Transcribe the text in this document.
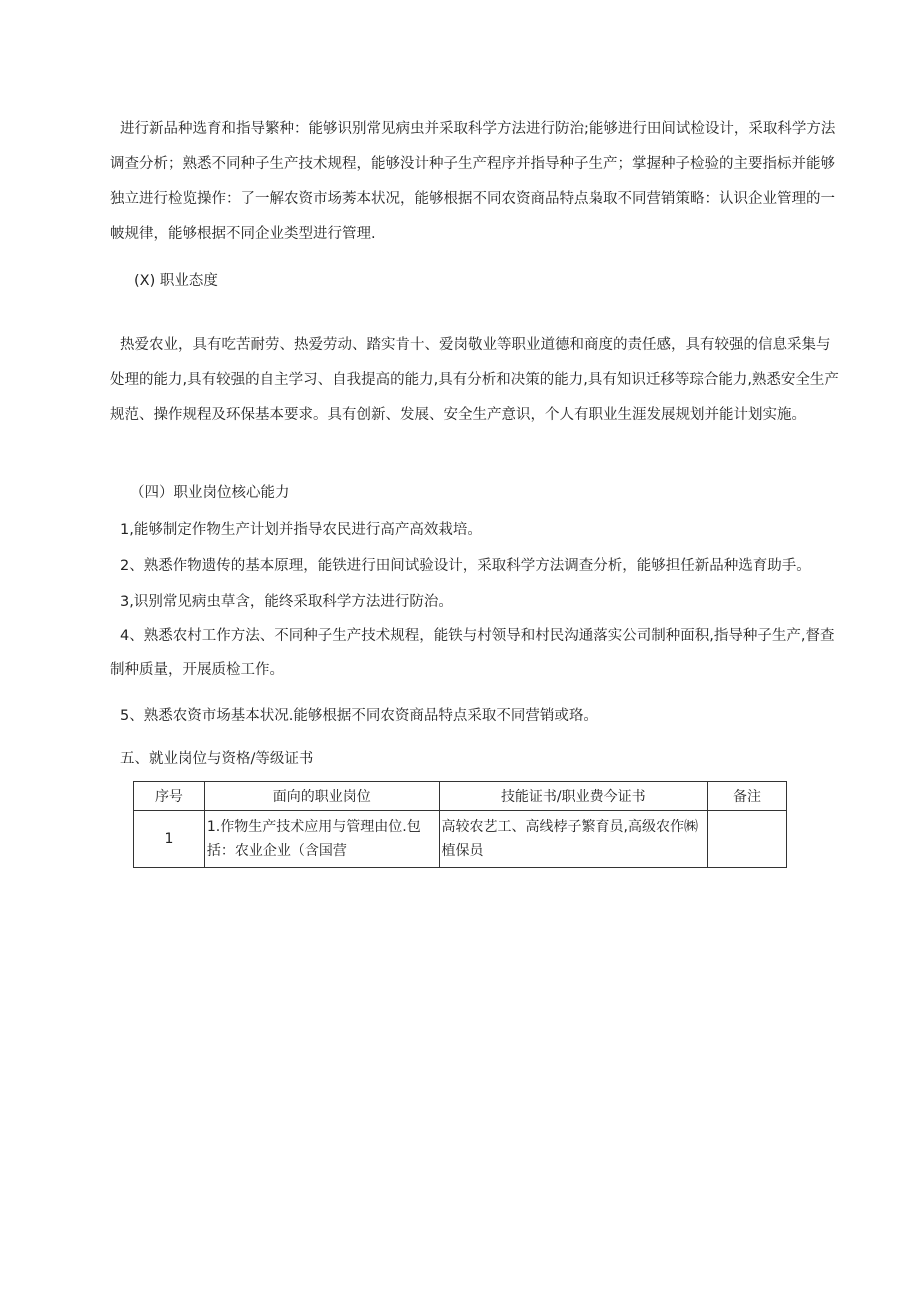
进行新品种选育和指导繁种：能够识别常见病虫并采取科学方法进行防治;能够进行田间试检设计，采取科学方法调查分析；熟悉不同种子生产技术规程，能够没计种子生产程序并指导种子生产；掌握种子检验的主要指标并能够独立进行检览操作：了一解农资市场莠本状况，能够根据不同农资商品特点枭取不同营销策略：认识企业管理的一帔规律，能够根据不同企业类型进行管理.

(X) 职业态度

热爱农业，具有吃苦耐劳、热爱劳动、踏实肯十、爱岗敬业等职业道德和商度的责任感，具有较强的信息采集与处理的能力,具有较强的自主学习、自我提高的能力,具有分析和决策的能力,具有知识迁移等琮合能力,熟悉安全生产规范、操作规程及环保基本要求。具有创新、发展、安全生产意识，个人有职业生涯发展规划并能计划实施。

（四）职业岗位核心能力

1,能够制定作物生产计划并指导农民进行高产高效栽培。

2、熟悉作物遗传的基本原理，能铁进行田间试验设计，采取科学方法调查分析，能够担任新品种选育助手。

3,识别常见病虫草含，能终采取科学方法进行防治。

4、熟悉农村工作方法、不同种子生产技术规程，能铁与村领导和村民沟通落实公司制种面积,指导种子生产,督查制种质量，开展质检工作。

5、熟悉农资市场基本状况.能够根据不同农资商品特点采取不同营销或珞。

五、就业岗位与资格/等级证书

序号	面向的职业岗位	技能证书/职业费今证书	备注
1	1.作物生产技术应用与管理由位.包括：农业企业（含国营	高较农艺工、高线桲子繁育员,高级农作㈱植保员	
